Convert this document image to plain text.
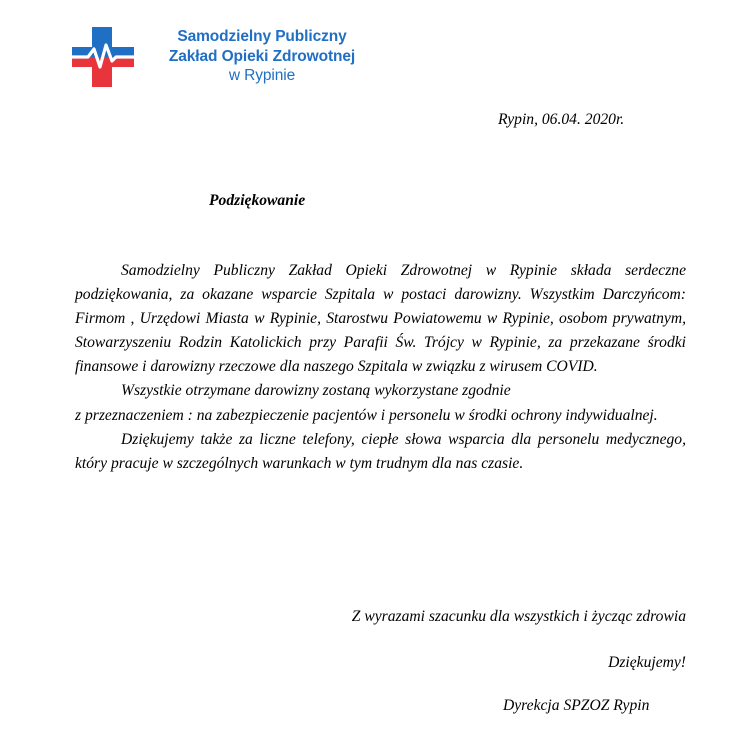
Samodzielny Publiczny
Zakład Opieki Zdrowotnej
w Rypinie
Rypin, 06.04. 2020r.
Podziękowanie

Samodzielny Publiczny Zakład Opieki Zdrowotnej w Rypinie składa serdeczne podziękowania, za okazane wsparcie Szpitala w postaci darowizny. Wszystkim Darczyńcom: Firmom , Urzędowi Miasta w Rypinie, Starostwu Powiatowemu w Rypinie, osobom prywatnym, Stowarzyszeniu Rodzin Katolickich przy Parafii Św. Trójcy w Rypinie, za przekazane środki finansowe i darowizny rzeczowe dla naszego Szpitala w związku z wirusem COVID.

Wszystkie otrzymane darowizny zostaną wykorzystane zgodnie

z przeznaczeniem : na zabezpieczenie pacjentów i personelu w środki ochrony indywidualnej.

Dziękujemy także za liczne telefony, ciepłe słowa wsparcia dla personelu medycznego, który pracuje w szczególnych warunkach w tym trudnym dla nas czasie.

Z wyrazami szacunku dla wszystkich i życząc zdrowia
Dziękujemy!
Dyrekcja SPZOZ Rypin
